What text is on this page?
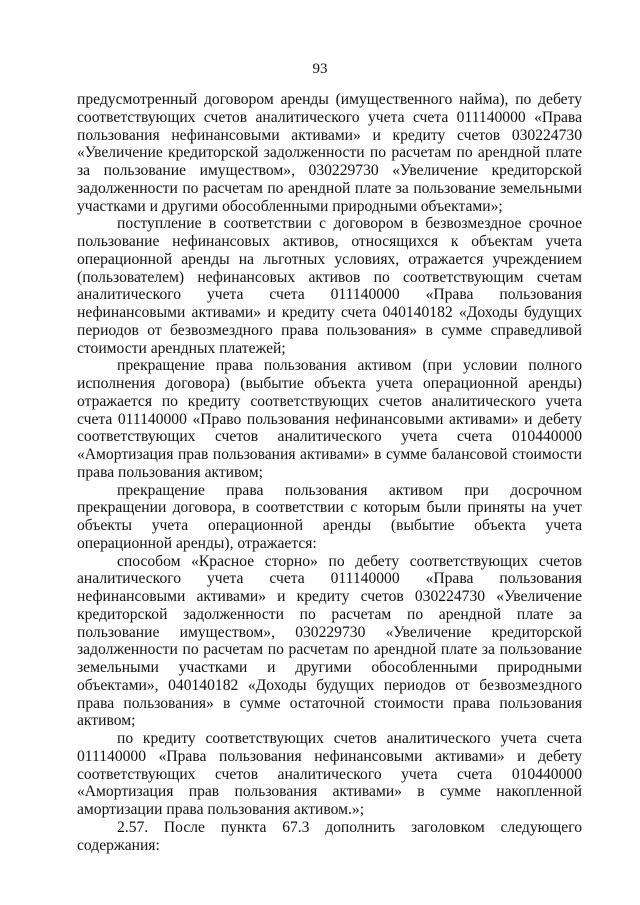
93

предусмотренный договором аренды (имущественного найма), по дебету соответствующих счетов аналитического учета счета 011140000 «Права пользования нефинансовыми активами» и кредиту счетов 030224730 «Увеличение кредиторской задолженности по расчетам по арендной плате за пользование имуществом», 030229730 «Увеличение кредиторской задолженности по расчетам по арендной плате за пользование земельными участками и другими обособленными природными объектами»;

поступление в соответствии с договором в безвозмездное срочное пользование нефинансовых активов, относящихся к объектам учета операционной аренды на льготных условиях, отражается учреждением (пользователем) нефинансовых активов по соответствующим счетам аналитического учета счета 011140000 «Права пользования нефинансовыми активами» и кредиту счета 040140182 «Доходы будущих периодов от безвозмездного права пользования» в сумме справедливой стоимости арендных платежей;

прекращение права пользования активом (при условии полного исполнения договора) (выбытие объекта учета операционной аренды) отражается по кредиту соответствующих счетов аналитического учета счета 011140000 «Право пользования нефинансовыми активами» и дебету соответствующих счетов аналитического учета счета 010440000 «Амортизация прав пользования активами» в сумме балансовой стоимости права пользования активом;

прекращение права пользования активом при досрочном прекращении договора, в соответствии с которым были приняты на учет объекты учета операционной аренды (выбытие объекта учета операционной аренды), отражается:

способом «Красное сторно» по дебету соответствующих счетов аналитического учета счета 011140000 «Права пользования нефинансовыми активами» и кредиту счетов 030224730 «Увеличение кредиторской задолженности по расчетам по арендной плате за пользование имуществом», 030229730 «Увеличение кредиторской задолженности по расчетам по расчетам по арендной плате за пользование земельными участками и другими обособленными природными объектами», 040140182 «Доходы будущих периодов от безвозмездного права пользования» в сумме остаточной стоимости права пользования активом;

по кредиту соответствующих счетов аналитического учета счета 011140000 «Права пользования нефинансовыми активами» и дебету соответствующих счетов аналитического учета счета 010440000 «Амортизация прав пользования активами» в сумме накопленной амортизации права пользования активом.»;

2.57. После пункта 67.3 дополнить заголовком следующего содержания:
